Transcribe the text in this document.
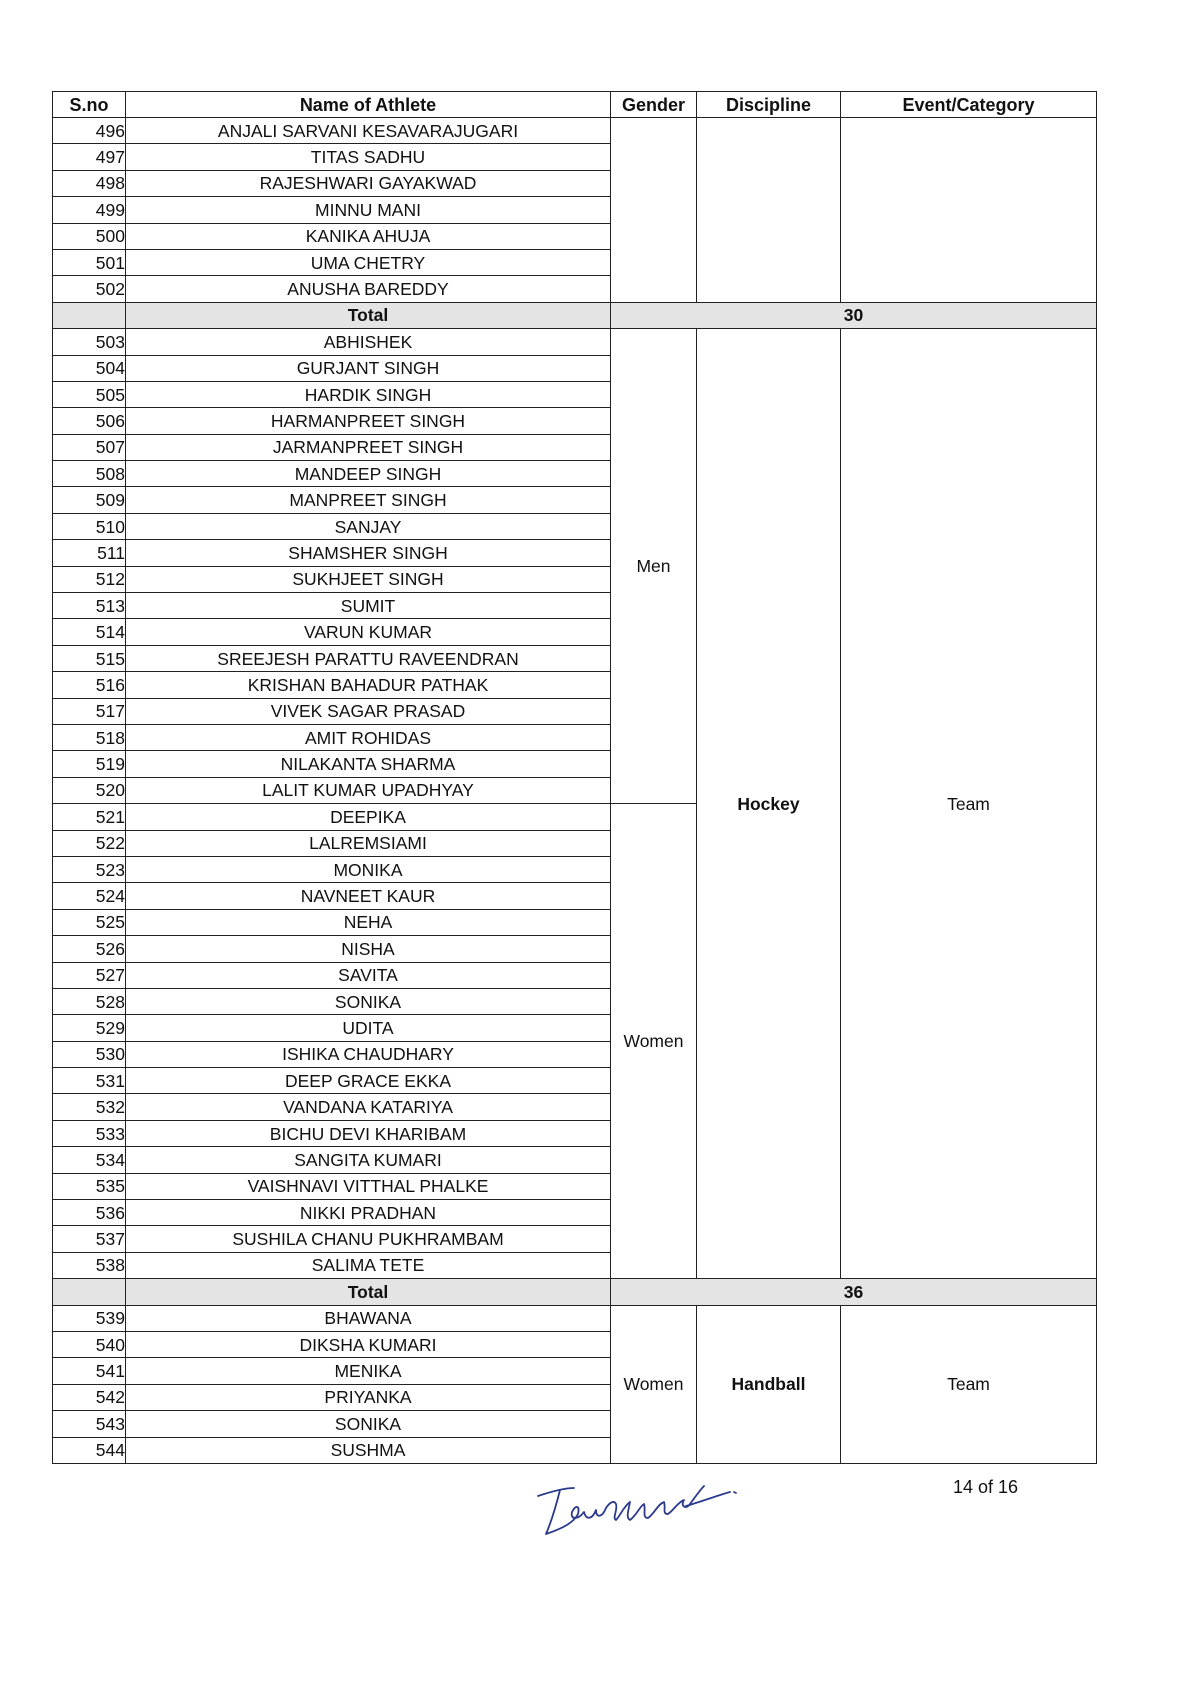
S.no	Name of Athlete	Gender	Discipline	Event/Category
496	ANJALI SARVANI KESAVARAJUGARI			
497	TITAS SADHU			
498	RAJESHWARI GAYAKWAD			
499	MINNU MANI			
500	KANIKA AHUJA			
501	UMA CHETRY			
502	ANUSHA BAREDDY			
	Total	30		
503	ABHISHEK	Men	Hockey	Team
504	GURJANT SINGH			
505	HARDIK SINGH			
506	HARMANPREET SINGH			
507	JARMANPREET SINGH			
508	MANDEEP SINGH			
509	MANPREET SINGH			
510	SANJAY			
511	SHAMSHER SINGH			
512	SUKHJEET SINGH			
513	SUMIT			
514	VARUN KUMAR			
515	SREEJESH PARATTU RAVEENDRAN			
516	KRISHAN BAHADUR PATHAK			
517	VIVEK SAGAR PRASAD			
518	AMIT ROHIDAS			
519	NILAKANTA SHARMA			
520	LALIT KUMAR UPADHYAY			
521	DEEPIKA	Women		
522	LALREMSIAMI			
523	MONIKA			
524	NAVNEET KAUR			
525	NEHA			
526	NISHA			
527	SAVITA			
528	SONIKA			
529	UDITA			
530	ISHIKA CHAUDHARY			
531	DEEP GRACE EKKA			
532	VANDANA KATARIYA			
533	BICHU DEVI KHARIBAM			
534	SANGITA KUMARI			
535	VAISHNAVI VITTHAL PHALKE			
536	NIKKI PRADHAN			
537	SUSHILA CHANU PUKHRAMBAM			
538	SALIMA TETE			
	Total	36		
539	BHAWANA	Women	Handball	Team
540	DIKSHA KUMARI			
541	MENIKA			
542	PRIYANKA			
543	SONIKA			
544	SUSHMA			
14 of 16
